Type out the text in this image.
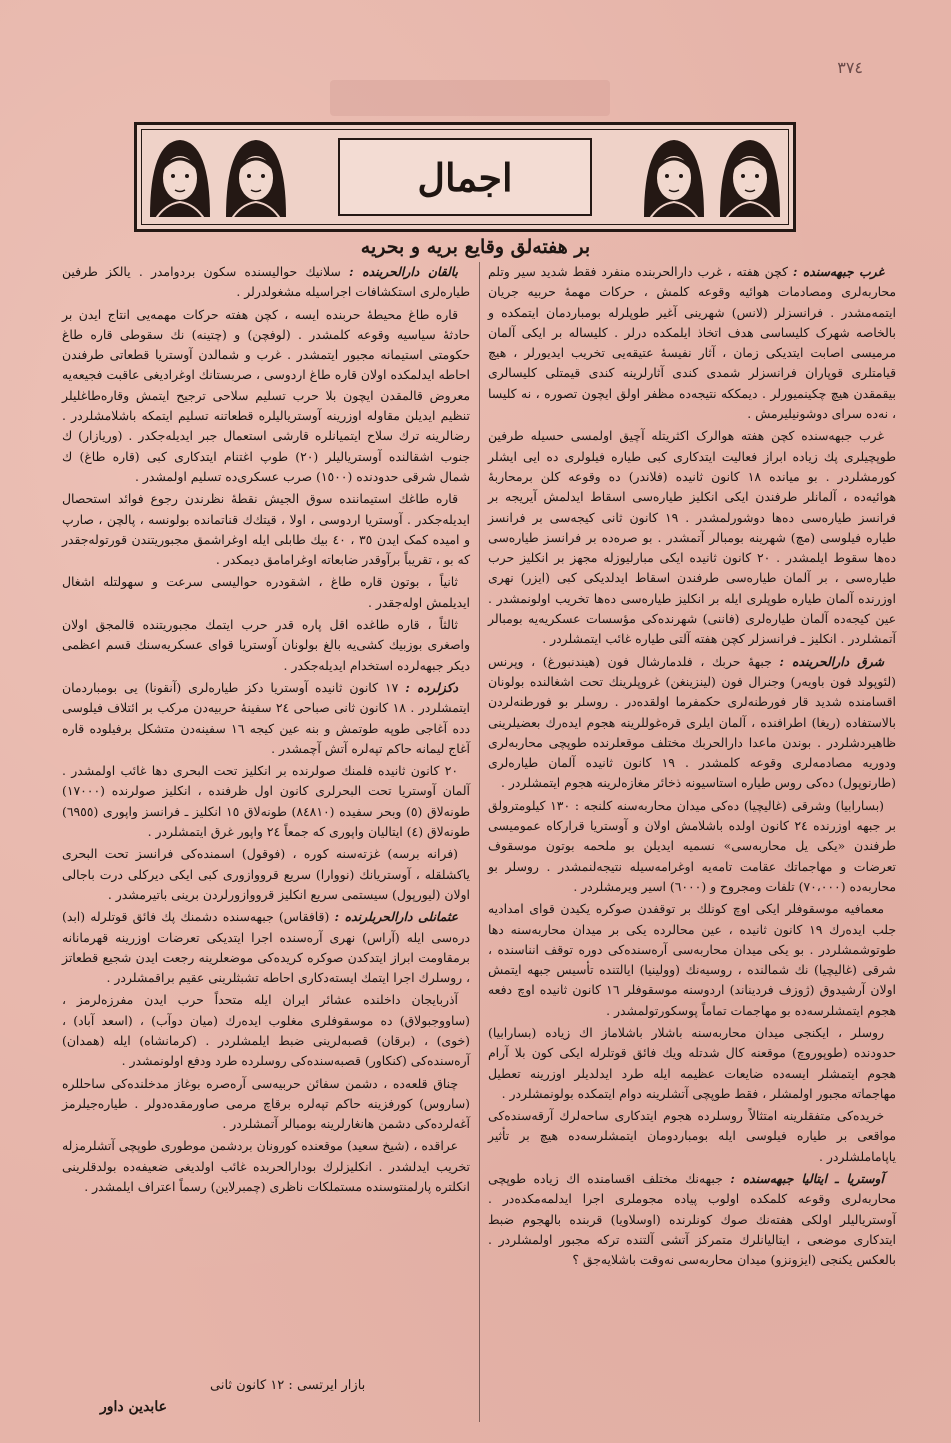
٣٧٤
اجمال
بر هفته‌لق وقایع بریه و بحریه

غرب جبهه‌سنده : کچن هفته ، غرب دارالحربنده منفرد فقط شدید سیر وتلم محاربه‌لری ومصادمات هوائیه وقوعه کلمش ، حرکات مهمهٔ حربیه جریان ایتمه‌مشدر . فرانسزلر (لانس) شهرینی آغیر طوپلرله بومباردمان ایتمکده و بالخاصه شهرک کلیساسی هدف اتخاذ ایلمکده درلر . کلیساله بر ایکی آلمان مرمیسی اصابت ایتدیکی زمان ، آثار نفیسهٔ عتیقه‌یی تخریب ایدیورلر ، هیچ قیامتلری قوپاران فرانسزلر شمدی کندی آثارلرینه کندی قیمتلی کلیسالری بیقمقدن هیچ چکینمیورلر . دیمککه نتیجه‌ده مظفر اولق ایچون تصوره ، نه کلیسا ، نه‌ده سرای دوشونیلیرمش .

غرب جبهه‌سنده کچن هفته هوالرک اکثریتله آچیق اولمسی حسیله طرفین طوپچیلری پك زیاده ابراز فعالیت ایتدکاری کبی طیاره فیلولری ده ایی ایشلر کورمشلردر . بو میانده ١٨ کانون ثانیده (فلاندر) ده وقوعه کلن برمحاربهٔ هوائیه‌ده ، آلمانلر طرفندن ایکی انکلیز طیاره‌سی اسقاط ایدلمش آیریجه بر فرانسز طیاره‌سی ده‌ها دوشورلمشدر . ١٩ کانون ثانی کیجه‌سی بر فرانسز طیاره فیلوسی (مچ) شهرینه بومبالر آتمشدر . بو صره‌ده بر فرانسز طیاره‌سی ده‌ها سقوط ایلمشدر . ٢٠ کانون ثانیده ایکی مبارلیوزله مجهز بر انکلیز حرب طیاره‌سی ، بر آلمان طیاره‌سی طرفندن اسقاط ایدلدیکی کبی (ایزر) نهری اوزرنده آلمان طیاره طوپلری ایله بر انکلیز طیاره‌سی ده‌ها تخریب اولونمشدر . عین کیجه‌ده آلمان طیاره‌لری (فاننی) شهرنده‌کی مؤسسات عسکریه‌یه بومبالر آتمشلردر . انکلیز ـ فرانسزلر کچن هفته آلتی طیاره غائب ایتمشلردر .

شرق دارالحربنده : جبههٔ حربك ، فلدمارشال فون (هیندنبورغ) ، وپرنس (لئوپولد فون باویه‌ر) وجنرال فون (لینزینغن) غروپلرینك تحت اشغالنده بولونان اقسامنده شدید قار فورطنه‌لری حکمفرما اولقده‌در . روسلر بو فورطنه‌لردن بالاستفاده (ریغا) اطرافنده ، آلمان ایلری قره‌غوللرینه هجوم ایده‌رك بعضیلرینی ظاهیردشلردر . بوندن ماعدا دارالحربك مختلف موقعلرنده طوپچی محاربه‌لری ودوریه مصادمه‌لری وقوعه کلمشدر . ١٩ کانون ثانیده آلمان طیاره‌لری (طارنوپول) ده‌کی روس طیاره استاسیونه ذخائر مغازه‌لرینه هجوم ایتمشلردر .

(بسارابیا) وشرقی (غالیچیا) ده‌کی میدان محاربه‌سنه کلنجه : ١٣٠ کیلومترولق بر جبهه اوزرنده ٢٤ کانون اولده باشلامش اولان و آوستریا قرارکاه عمومیسی طرفندن «یکی یل محاربه‌سی» نسمیه ایدیلن بو ملحمه بوتون موسقوف تعرضات و مهاجماتك عقامت تامه‌یه اوغرامه‌سیله نتیجه‌لنمشدر . روسلر بو محاربه‌ده (٧٠،٠٠٠) تلفات ومجروح و (٦٠٠٠) اسیر ویرمشلردر .

معمافیه موسقوفلر ایکی اوچ کونلك بر توقفدن صوکره یکیدن قوای امدادیه جلب ایده‌رك ١٩ کانون ثانیده ، عین محالرده یکی بر میدان محاربه‌سنه دها طوتوشمشلردر . بو یکی میدان محاربه‌سی آره‌سنده‌کی دوره توقف انناسنده ، شرقی (غالیچیا) نك شمالنده ، روسیه‌نك (وولینیا) ایالتنده تأسیس جبهه ایتمش اولان آرشیدوق (ژوزف فردیناند) اردوسنه موسقوفلر ١٦ کانون ثانیده اوچ دفعه هجوم ایتمشلرسه‌ده بو مهاجمات تماماً پوسکورتولمشدر .

روسلر ، ایکنجی میدان محاربه‌سنه باشلار باشلاماز اك زیاده (بسارابیا) حدودنده (طوپوروچ) موقعنه کال شدتله ویك فائق قوتلرله ایکی کون بلا آرام هجوم ایتمشلر ایسه‌ده ضایعات عظیمه ایله طرد ایدلدیلر اوزرینه تعطیل مهاجماته مجبور اولمشلر ، فقط طوپچی آتشلرینه دوام ایتمکده بولونمشلردر .

خریده‌کی متفقلرینه امتثالاً روسلرده هجوم ایتدکاری ساحه‌لرك آرقه‌سنده‌کی مواقعی بر طیاره فیلوسی ایله بومباردومان ایتمشلرسه‌ده هیچ بر تأثیر یاپاماملشلردر .

آوستریا ـ ایتالیا جبهه‌سنده : جبهه‌نك مختلف اقسامنده اك زیاده طوپچی محاربه‌لری وقوعه کلمکده اولوب پیاده مجوملری اجرا ایدلمه‌مکده‌در . آوستریالیلر اولکی هفته‌نك صوك کونلرنده (اوسلاویا) قربنده بالهجوم ضبط ایتدکاری موضعی ، ایتالیانلرك متمرکز آتشی آلتنده ترکه مجبور اولمشلردر . بالعکس یکنجی (ایزونزو) میدان محاربه‌سی نه‌وقت باشلایه‌جق ؟

بالقان دارالحربنده : سلانیك حوالیسنده سکون بردوامدر . یالکز طرفین طیاره‌لری استکشافات اجراسیله مشغولدرلر .

قاره طاغ محیطهٔ حربنده ایسه ، کچن هفته حرکات مهمه‌یی انتاج ایدن بر حادثهٔ سیاسیه وقوعه کلمشدر . (لوفچن) و (چتینه) نك سقوطی قاره طاغ حکومتی استیمانه مجبور ایتمشدر . غرب و شمالدن آوستریا قطعاتی طرفندن احاطه ایدلمکده اولان قاره طاغ اردوسی ، صربستانك اوغرادیغی عاقبت فجیعه‌یه معروض قالمقدن ایچون بلا حرب تسلیم سلاحی ترجیح ایتمش وقاره‌طاغلیلر تنظیم ایدیلن مقاوله اوزرینه آوستریالیلره قطعاتنه تسلیم ایتمکه باشلامشلردر . رضالرینه ترك سلاح ایتمیانلره قارشی استعمال جبر ایدیله‌جکدر . (وریازار) ك جنوب اشقالنده آوستریالیلر (٢٠) طوپ اغتنام ایتدکاری کبی (قاره طاغ) ك شمال شرقی حدودنده (١٥٠٠) صرب عسکری‌ده تسلیم اولمشدر .

قاره طاغك استیماننده سوق الجیش نقطهٔ نظرندن رجوع فوائد استحصال ایدیله‌جکدر . آوستریا اردوسی ، اولا ، قیتك‌ك قناتمانده بولونسه ، پالچن ، صارپ و امیده کمک ایدن ٣٥ ، ٤٠ بیك طابلی ایله اوغراشمق مجبوریتندن قورتوله‌جقدر که بو ، تقریباً برآوقدر ضابعاته اوغرامامق دیمکدر .

ثانیاً ، بوتون قاره طاغ ، اشقودره حوالیسی سرعت و سهولتله اشغال ایدیلمش اوله‌جقدر .

ثالثاً ، قاره طاغده اقل پاره قدر حرب ایتمك مجبوریتنده قالمجق اولان واصغری بوزبیك کشی‌یه بالغ بولونان آوستریا قوای عسکریه‌سنك قسم اعظمی دیکر جبهه‌لرده استخدام ایدیله‌جکدر .

دکزلرده : ١٧ کانون ثانیده آوستریا دکز طیاره‌لری (آنقونا) یی بومباردمان ایتمشلردر . ١٨ کانون ثانی صباحی ٢٤ سفینهٔ حربیه‌دن مرکب بر ائتلاف فیلوسی دده آغاجی طوپه طوتمش و بنه عین کیجه ١٦ سفینه‌دن متشکل برفیلوده قاره آغاج لیمانه حاکم تپه‌لره آتش آچمشدر .

٢٠ کانون ثانیده فلمنك صولرنده بر انکلیز تحت البحری دها غائب اولمشدر . آلمان آوستریا تحت البحرلری کانون اول ظرفنده ، انکلیز صولرنده (١٧٠٠٠) طونه‌لاق (٥) وبحر سفیده (٨٤٨١٠) طونه‌لاق ١٥ انکلیز ـ فرانسز واپوری (٦٩٥٥) طونه‌لاق (٤) ایتالیان واپوری که جمعاً ٢٤ واپور غرق ایتمشلردر .

(فرانه برسه) غزته‌سنه کوره ، (فوقول) اسمنده‌کی فرانسز تحت البحری یاکشلقله ، آوستریانك (نووارا) سریع قرووازوری کبی ایکی دیرکلی درت باجالی اولان (لیورپول) سیستمی سریع انکلیز قرووازورلردن برینی باتیرمشدر .

عثمانلی دارالحربلرنده : (قافقاس) جبهه‌سنده دشمنك پك فائق قوتلرله (ابد) دره‌سی ایله (آراس) نهری آره‌سنده اجرا ایتدیکی تعرضات اوزرینه قهرمانانه برمقاومت ابراز ایتدکدن صوکره کریده‌کی موضعلرینه رجعت ایدن شجیع قطعاتز ، روسلرك اجرا ایتمك ایسته‌دکاری احاطه تشبثلرینی عقیم براقمشلردر .

آذربایجان داخلنده عشائر ایران ایله متحداً حرب ایدن مفرزه‌لرمز ، (ساووجبولاق) ده موسقوفلری مغلوب ایده‌رك (میان دوآب) ، (اسعد آباد) ، (خوی) ، (برقان) قصبه‌لرینی ضبط ایلمشلردر . (کرمانشاه) ایله (همدان) آره‌سنده‌کی (کنکاور) قصبه‌سنده‌کی روسلرده طرد ودفع اولونمشدر .

چناق قلعه‌ده ، دشمن سفائن حربیه‌سی آره‌صره بوغاز مدخلنده‌کی ساحللره (ساروس) کورفزینه حاکم تپه‌لره برقاچ مرمی صاورمقده‌دولر . طیاره‌جیلرمز آغه‌لرده‌کی دشمن هانغارلرینه بومبالر آتمشلردر .

عراقده ، (شیخ سعید) موقعنده کورونان بردشمن موطوری طوپچی آتشلرمزله تخریب ایدلشدر . انکلیزلرك بودارالحربده غائب اولدیغی ضعیفه‌ده بولدقلرینی انکلتره پارلمنتوسنده مستملکات ناظری (چمبرلاین) رسماً اعتراف ایلمشدر .

بازار ایرتسی : ١٢ کانون ثانی
عابدین داور
